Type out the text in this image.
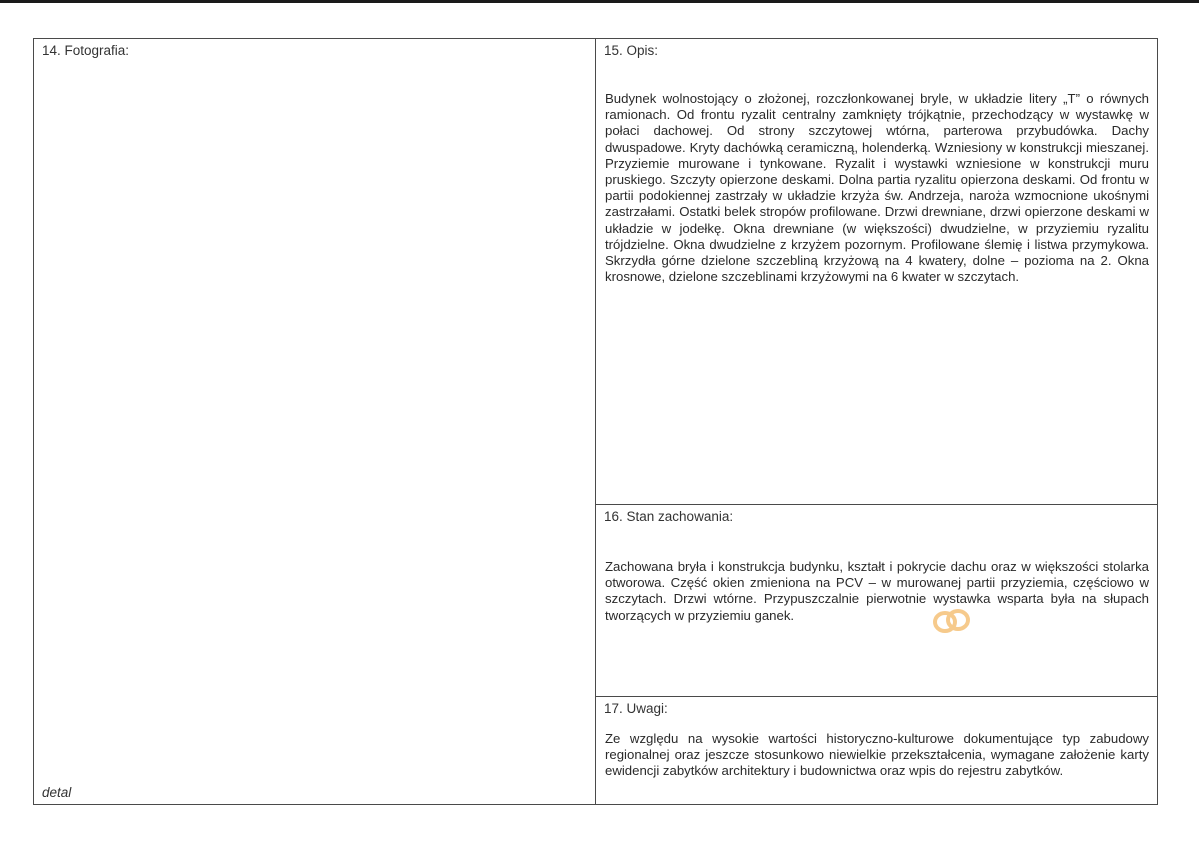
14. Fotografia:
detal
15. Opis:
Budynek wolnostojący o złożonej, rozczłonkowanej bryle, w układzie litery „T” o równych ramionach. Od frontu ryzalit centralny zamknięty trójkątnie, przechodzący w wystawkę w połaci dachowej. Od strony szczytowej wtórna, parterowa przybudówka. Dachy dwuspadowe. Kryty dachówką ceramiczną, holenderką. Wzniesiony w konstrukcji mieszanej. Przyziemie murowane i tynkowane. Ryzalit i wystawki wzniesione w konstrukcji muru pruskiego. Szczyty opierzone deskami. Dolna partia ryzalitu opierzona deskami. Od frontu w partii podokiennej zastrzały w układzie krzyża św. Andrzeja, naroża wzmocnione ukośnymi zastrzałami. Ostatki belek stropów profilowane. Drzwi drewniane, drzwi opierzone deskami w układzie w jodełkę. Okna drewniane (w większości) dwudzielne, w przyziemiu ryzalitu trójdzielne. Okna dwudzielne z krzyżem pozornym. Profilowane ślemię i listwa przymykowa. Skrzydła górne dzielone szczebliną krzyżową na 4 kwatery, dolne – pozioma na 2. Okna krosnowe, dzielone szczeblinami krzyżowymi na 6 kwater w szczytach.
16. Stan zachowania:
Zachowana bryła i konstrukcja budynku, kształt i pokrycie dachu oraz w większości stolarka otworowa. Część okien zmieniona na PCV – w murowanej partii przyziemia, częściowo w szczytach. Drzwi wtórne. Przypuszczalnie pierwotnie wystawka wsparta była na słupach tworzących w przyziemiu ganek.
17. Uwagi:
Ze względu na wysokie wartości historyczno-kulturowe dokumentujące typ zabudowy regionalnej oraz jeszcze stosunkowo niewielkie przekształcenia, wymagane założenie karty ewidencji zabytków architektury i budownictwa oraz wpis do rejestru zabytków.
